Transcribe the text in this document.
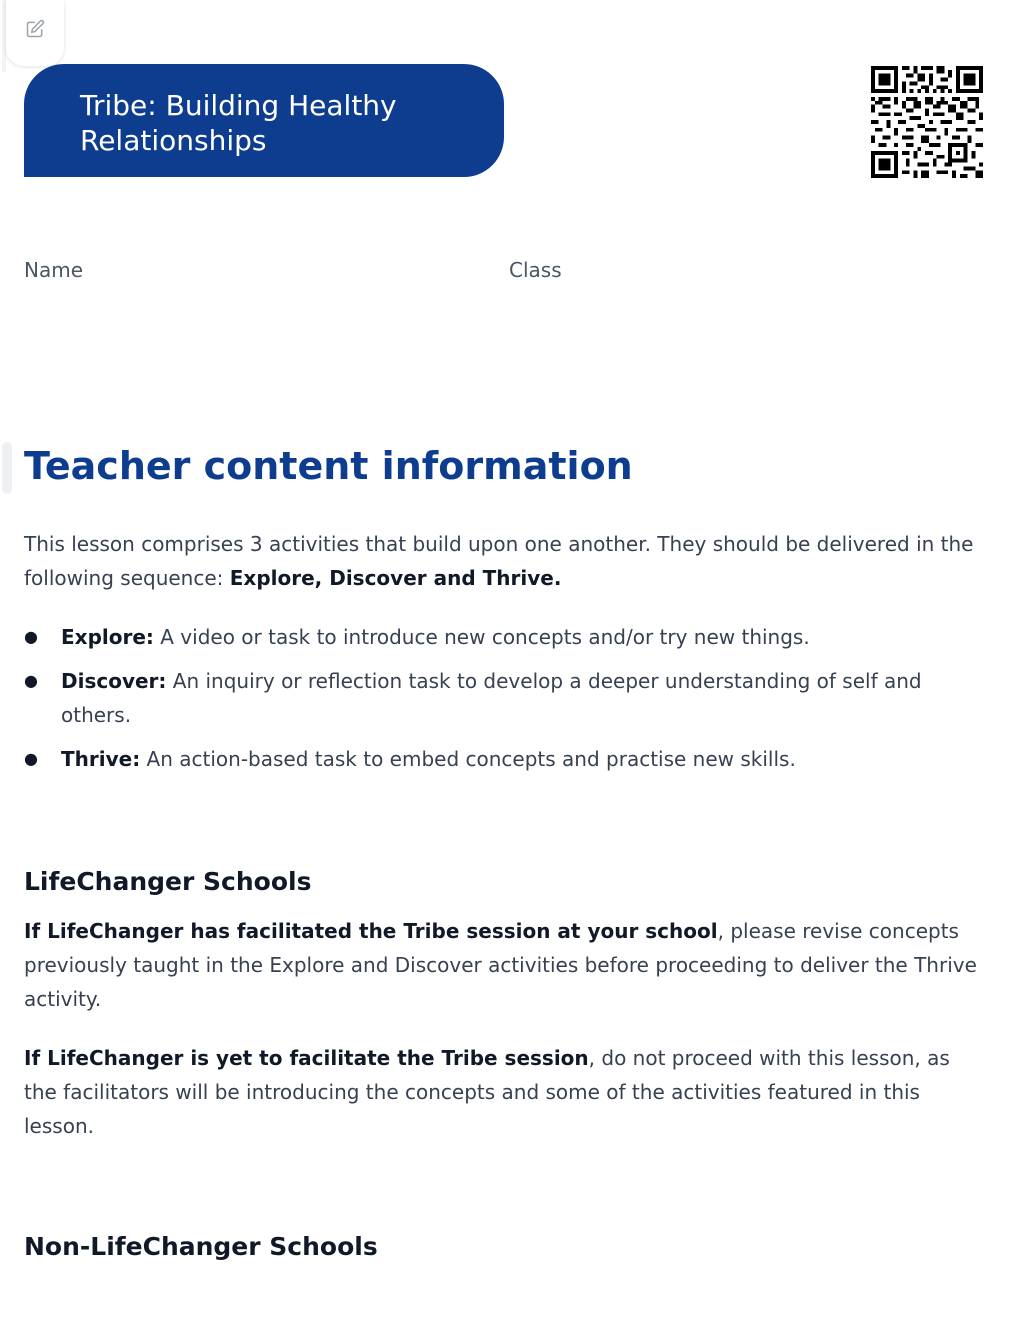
Tribe: Building Healthy Relationships
Name	Class
Teacher content information

This lesson comprises 3 activities that build upon one another. They should be delivered in the following sequence: Explore, Discover and Thrive.

● Explore: A video or task to introduce new concepts and/or try new things.
● Discover: An inquiry or reflection task to develop a deeper understanding of self and others.
● Thrive: An action-based task to embed concepts and practise new skills.
LifeChanger Schools

If LifeChanger has facilitated the Tribe session at your school, please revise concepts previously taught in the Explore and Discover activities before proceeding to deliver the Thrive activity.

If LifeChanger is yet to facilitate the Tribe session, do not proceed with this lesson, as the facilitators will be introducing the concepts and some of the activities featured in this lesson.

Non-LifeChanger Schools
